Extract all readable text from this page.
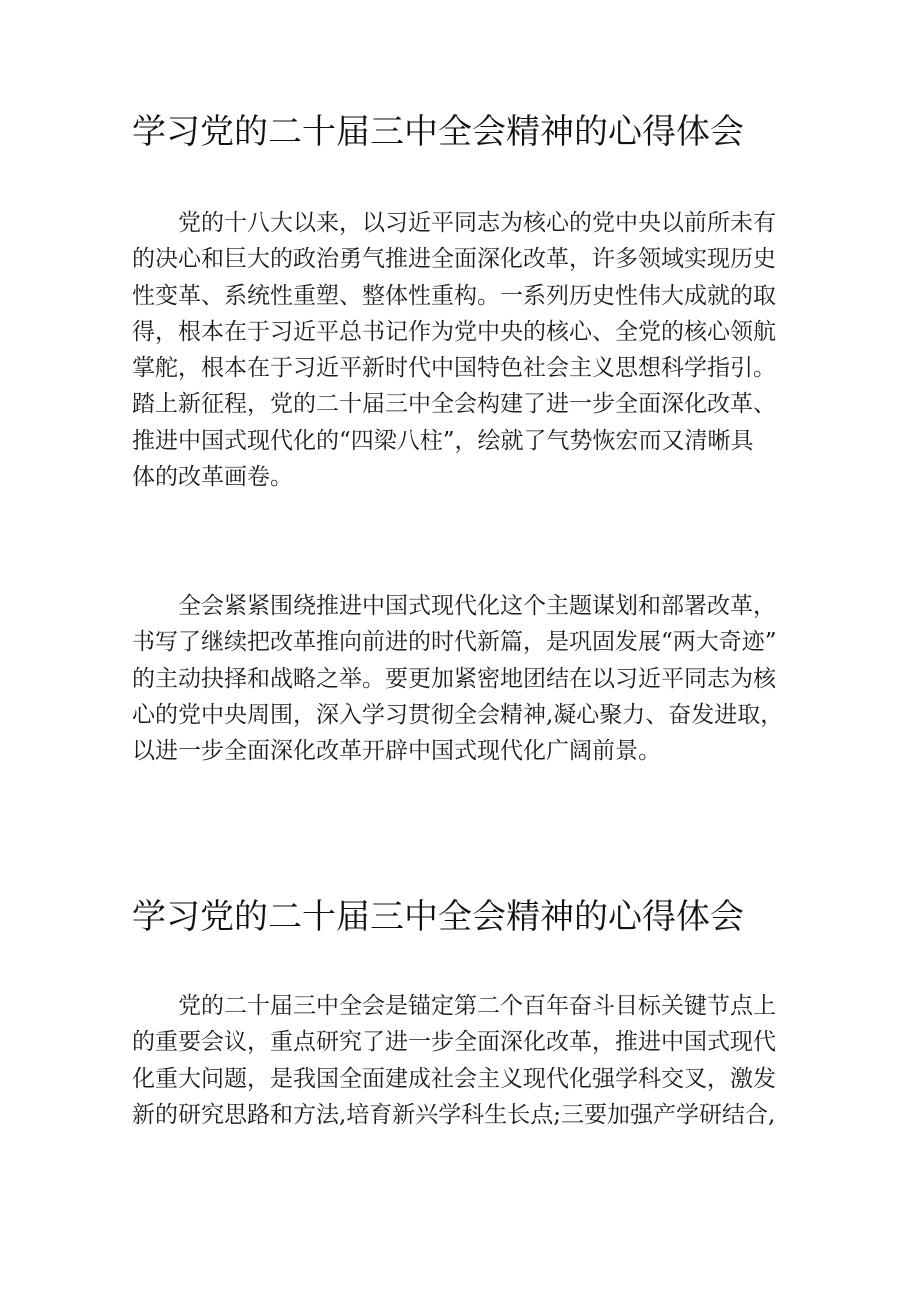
学习党的二十届三中全会精神的心得体会
党的十八大以来，以习近平同志为核心的党中央以前所未有
的决心和巨大的政治勇气推进全面深化改革，许多领域实现历史
性变革、系统性重塑、整体性重构。一系列历史性伟大成就的取
得，根本在于习近平总书记作为党中央的核心、全党的核心领航
掌舵，根本在于习近平新时代中国特色社会主义思想科学指引。
踏上新征程，党的二十届三中全会构建了进一步全面深化改革、
推进中国式现代化的“四梁八柱”，绘就了气势恢宏而又清晰具
体的改革画卷。
全会紧紧围绕推进中国式现代化这个主题谋划和部署改革，
书写了继续把改革推向前进的时代新篇，是巩固发展“两大奇迹”
的主动抉择和战略之举。要更加紧密地团结在以习近平同志为核
心的党中央周围，深入学习贯彻全会精神,凝心聚力、奋发进取，
以进一步全面深化改革开辟中国式现代化广阔前景。
学习党的二十届三中全会精神的心得体会
党的二十届三中全会是锚定第二个百年奋斗目标关键节点上
的重要会议，重点研究了进一步全面深化改革，推进中国式现代
化重大问题，是我国全面建成社会主义现代化强学科交叉，激发
新的研究思路和方法,培育新兴学科生长点;三要加强产学研结合,
